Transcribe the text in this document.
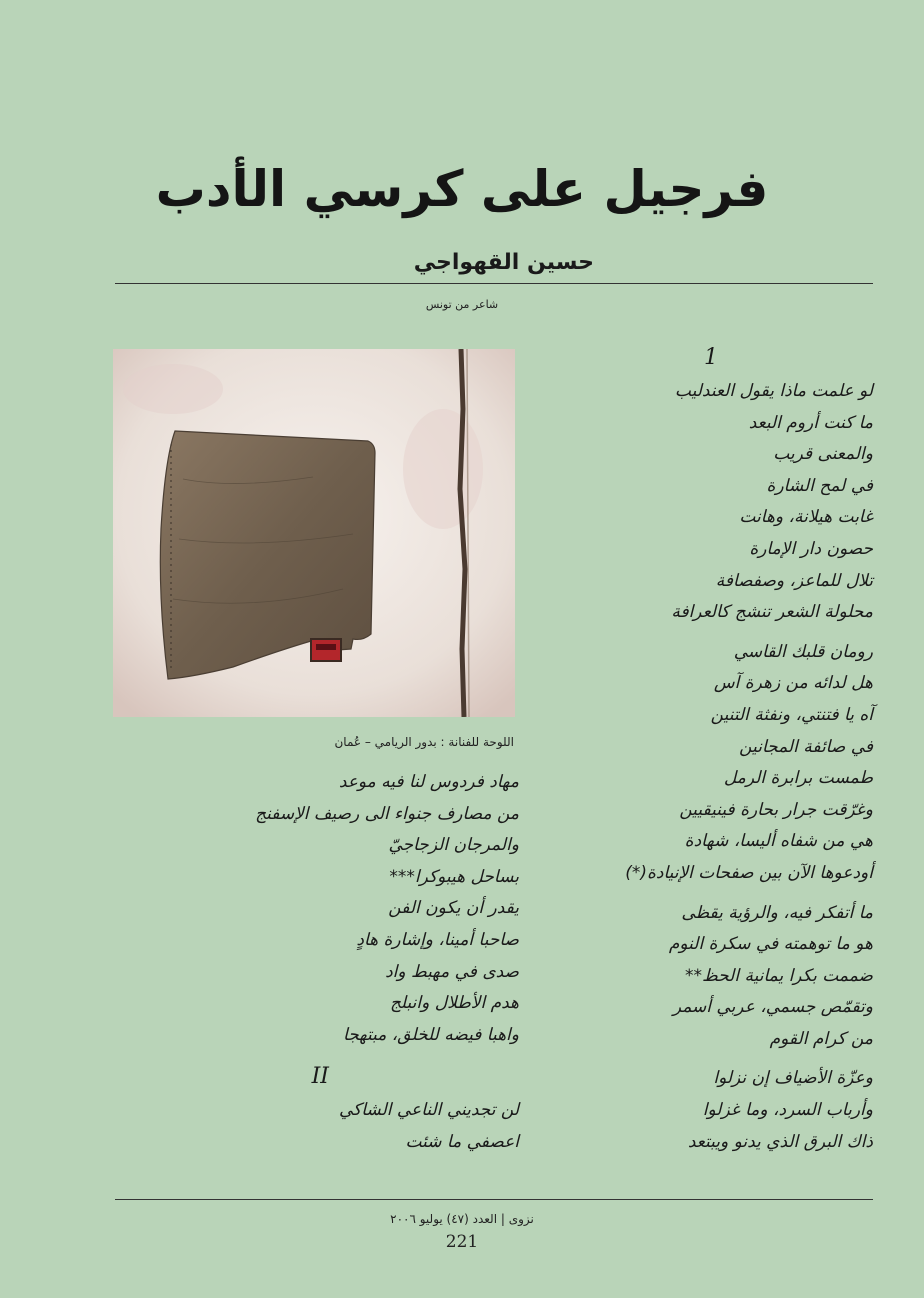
فرجيل على كرسي الأدب
حسين القهواجي
شاعر من تونس
اللوحة للفنانة : بدور الريامي – عُمان
1
لو علمت ماذا يقول العندليب
ما كنت أروم البعد
والمعنى قريب
في لمح الشارة
غابت هيلانة، وهانت
حصون دار الإمارة
تلال للماعز، وصفصافة
محلولة الشعر تنشج كالعرافة
رومان قلبك القاسي
هل لدائه من زهرة آس
آه يا فتنتي، ونفثة التنين
في صائفة المجانين
طمست برابرة الرمل
وغرّقت جرار بحارة فينيقيين
هي من شفاه أليسا، شهادة
أودعوها الآن بين صفحات الإنيادة(*)
ما أتفكر فيه، والرؤية يقظى
هو ما توهمته في سكرة النوم
ضممت بكرا يمانية الحظ**
وتقمّص جسمي، عربي أسمر
من كرام القوم
وعزّة الأضياف إن نزلوا
وأرباب السرد، وما غزلوا
ذاك البرق الذي يدنو ويبتعد
مهاد فردوس لنا فيه موعد
من مصارف جنواء الى رصيف الإسفنج
والمرجان الزجاجيّ
بساحل هيبوكرا***
يقدر أن يكون الفن
صاحبا أمينا، وإشارة هادٍ
صدى في مهبط واد
هدم الأطلال وانبلج
واهبا فيضه للخلق، مبتهجا
II
لن تجديني الناعي الشاكي
اعصفي ما شئت
نزوى | العدد (٤٧) يوليو ٢٠٠٦
221
